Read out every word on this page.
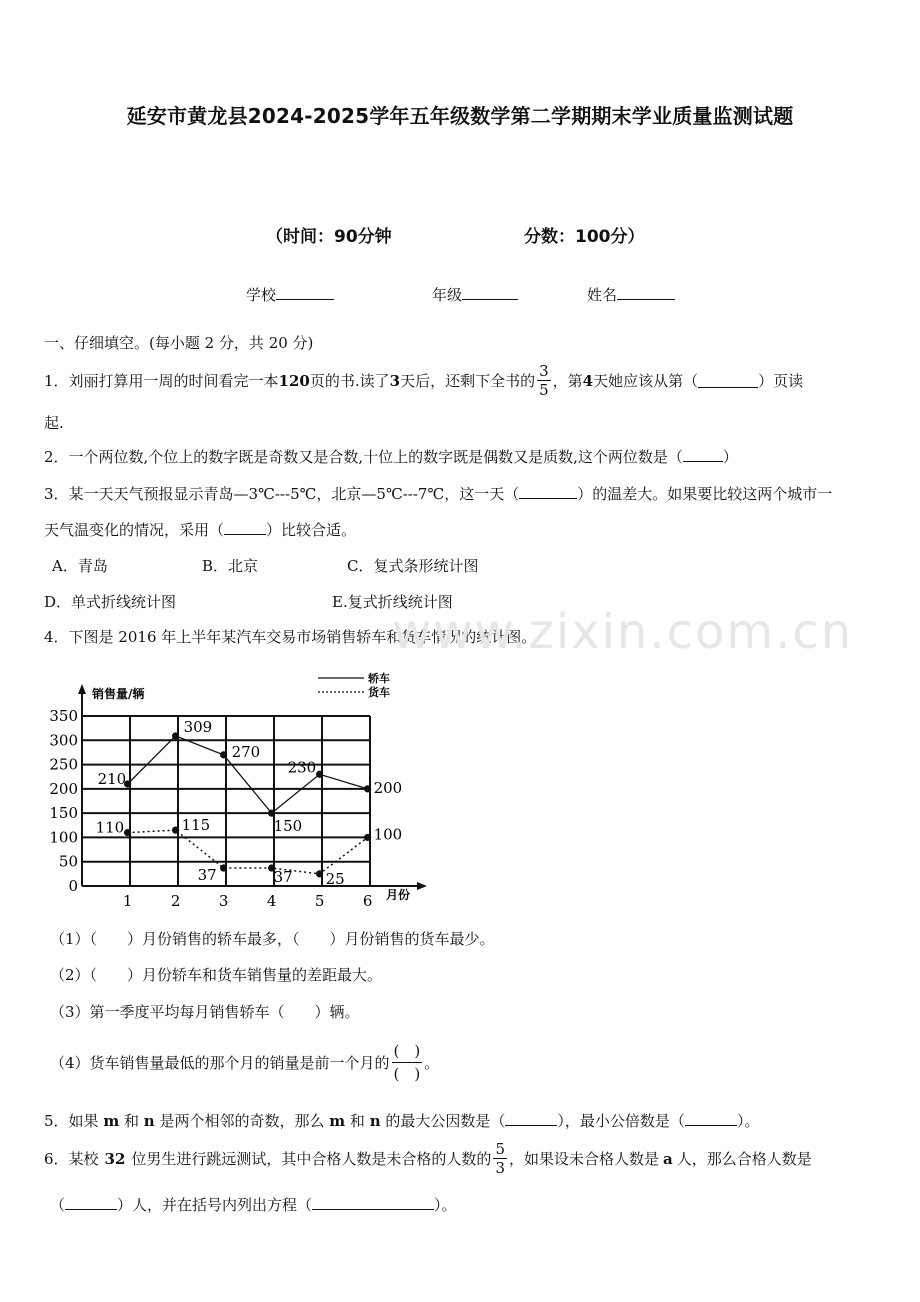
延安市黄龙县2024-2025学年五年级数学第二学期期末学业质量监测试题
（时间：90分钟	分数：100分）
学校	年级	姓名
一、仔细填空。(每小题 2 分，共 20 分)
1．刘丽打算用一周的时间看完一本 120 页的书.读了 3 天后，还剩下全书的 $\frac{3}{5}$ ，第 4 天她应该从第（	）页读
起.
2．一个两位数,个位上的数字既是奇数又是合数,十位上的数字既是偶数又是质数,这个两位数是（	）
3．某一天天气预报显示青岛—3℃---5℃，北京—5℃---7℃，这一天（	）的温差大。如果要比较这两个城市一
天气温变化的情况，采用（	）比较合适。
A．青岛	B．北京	C．复式条形统计图
D．单式折线统计图	E.复式折线统计图
4．下图是 2016 年上半年某汽车交易市场销售轿车和货车情况的统计图。
www.zixin.com.cn
0
50
100
150
200
250
300
350
销售量/辆
月份
1	2	3	4	5	6
轿车
货车
210
309
270
150
230
200
110	115
37	37 25
100
（1）（　　）月份销售的轿车最多，（　　）月份销售的货车最少。
（2）（　　）月份轿车和货车销售量的差距最大。
（3）第一季度平均每月销售轿车（　　）辆。
（4）货车销售量最低的那个月的销量是前一个月的 $\frac{( )}{( )}$ 。
5．如果 m 和 n 是两个相邻的奇数，那么 m 和 n 的最大公因数是（	），最小公倍数是（	）。
6．某校 32 位男生进行跳远测试，其中合格人数是未合格的人数的 $\frac{5}{3}$ ，如果设未合格人数是 a 人，那么合格人数是
（	）人，并在括号内列出方程（	）。
